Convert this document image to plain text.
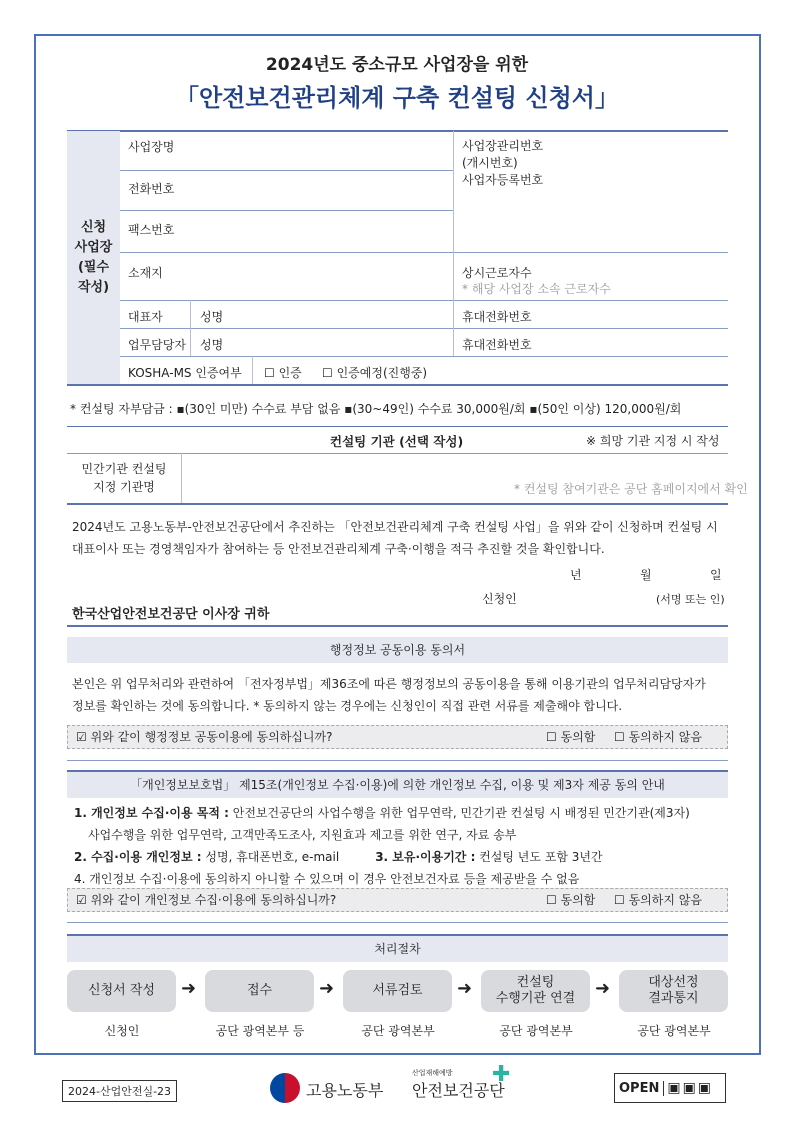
2024년도 중소규모 사업장을 위한
「안전보건관리체계 구축 컨설팅 신청서」
신청
사업장
(필수
작성)
사업장명
전화번호
팩스번호
소재지
사업장관리번호
(개시번호)
사업자등록번호
상시근로자수
* 해당 사업장 소속 근로자수
대표자	성명	휴대전화번호
업무담당자 성명	휴대전화번호
KOSHA-MS 인증여부 ☐ 인증 ☐ 인증예정(진행중)
* 컨설팅 자부담금 : ▪(30인 미만) 수수료 부담 없음 ▪(30~49인) 수수료 30,000원/회 ▪(50인 이상) 120,000원/회
컨설팅 기관 (선택 작성)	※ 희망 기관 지정 시 작성
민간기관 컨설팅
지정 기관명	* 컨설팅 참여기관은 공단 홈페이지에서 확인
2024년도 고용노동부-안전보건공단에서 추진하는 「안전보건관리체계 구축 컨설팅 사업」을 위와 같이 신청하며 컨설팅 시
대표이사 또는 경영책임자가 참여하는 등 안전보건관리체계 구축·이행을 적극 추진할 것을 확인합니다.
년	월	일
신청인	(서명 또는 인)
한국산업안전보건공단 이사장 귀하
행정정보 공동이용 동의서
본인은 위 업무처리와 관련하여 「전자정부법」제36조에 따른 행정정보의 공동이용을 통해 이용기관의 업무처리담당자가
정보를 확인하는 것에 동의합니다. * 동의하지 않는 경우에는 신청인이 직접 관련 서류를 제출해야 합니다.
☑ 위와 같이 행정정보 공동이용에 동의하십니까?	☐ 동의함 ☐ 동의하지 않음
「개인정보보호법」 제15조(개인정보 수집·이용)에 의한 개인정보 수집, 이용 및 제3자 제공 동의 안내
1. 개인정보 수집·이용 목적 : 안전보건공단의 사업수행을 위한 업무연락, 민간기관 컨설팅 시 배정된 민간기관(제3자)
사업수행을 위한 업무연락, 고객만족도조사, 지원효과 제고를 위한 연구, 자료 송부
2. 수집·이용 개인정보 : 성명, 휴대폰번호, e-mail	3. 보유·이용기간 : 컨설팅 년도 포함 3년간
4. 개인정보 수집·이용에 동의하지 아니할 수 있으며 이 경우 안전보건자료 등을 제공받을 수 없음
☑ 위와 같이 개인정보 수집·이용에 동의하십니까?	☐ 동의함 ☐ 동의하지 않음
처리절차
신청서 작성
신청인
➜	접수
공단 광역본부 등
➜	서류검토
공단 광역본부
➜	컨설팅
수행기관 연결
공단 광역본부
➜	대상선정
결과통지
공단 광역본부
2024-산업안전실-23	고용노동부
산업재해예방
안전보건공단
✚
OPEN ▣▣▣
